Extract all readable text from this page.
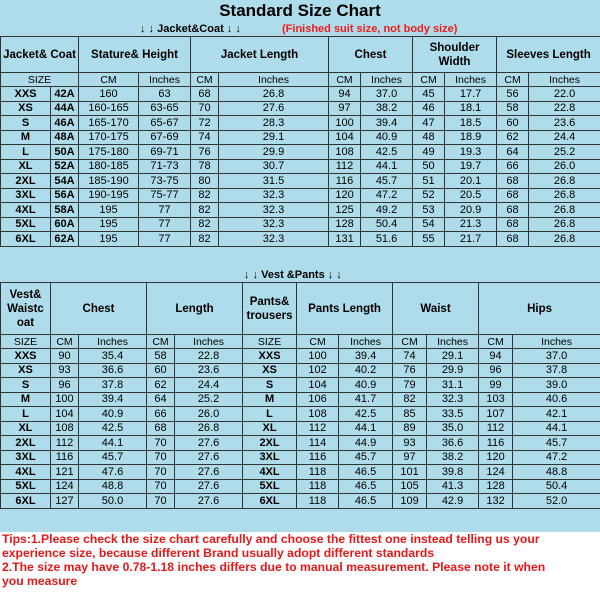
Standard Size Chart
↓ ↓ Jacket&Coat ↓ ↓	(Finished suit size, not body size)
Jacket& Coat		Stature& Height		Jacket Length		Chest		Shoulder Width		Sleeves Length	
SIZE		CM	Inches	CM	Inches	CM	Inches	CM	Inches	CM	Inches
XXS	42A	160	63	68	26.8	94	37.0	45	17.7	56	22.0
XS	44A	160-165	63-65	70	27.6	97	38.2	46	18.1	58	22.8
S	46A	165-170	65-67	72	28.3	100	39.4	47	18.5	60	23.6
M	48A	170-175	67-69	74	29.1	104	40.9	48	18.9	62	24.4
L	50A	175-180	69-71	76	29.9	108	42.5	49	19.3	64	25.2
XL	52A	180-185	71-73	78	30.7	112	44.1	50	19.7	66	26.0
2XL	54A	185-190	73-75	80	31.5	116	45.7	51	20.1	68	26.8
3XL	56A	190-195	75-77	82	32.3	120	47.2	52	20.5	68	26.8
4XL	58A	195	77	82	32.3	125	49.2	53	20.9	68	26.8
5XL	60A	195	77	82	32.3	128	50.4	54	21.3	68	26.8
6XL	62A	195	77	82	32.3	131	51.6	55	21.7	68	26.8
↓ ↓ Vest &Pants ↓ ↓
Vest& Waistc oat	Chest		Length		Pants& trousers	Pants Length		Waist		Hips	
SIZE	CM	Inches	CM	Inches	SIZE	CM	Inches	CM	Inches	CM	Inches
XXS	90	35.4	58	22.8	XXS	100	39.4	74	29.1	94	37.0
XS	93	36.6	60	23.6	XS	102	40.2	76	29.9	96	37.8
S	96	37.8	62	24.4	S	104	40.9	79	31.1	99	39.0
M	100	39.4	64	25.2	M	106	41.7	82	32.3	103	40.6
L	104	40.9	66	26.0	L	108	42.5	85	33.5	107	42.1
XL	108	42.5	68	26.8	XL	112	44.1	89	35.0	112	44.1
2XL	112	44.1	70	27.6	2XL	114	44.9	93	36.6	116	45.7
3XL	116	45.7	70	27.6	3XL	116	45.7	97	38.2	120	47.2
4XL	121	47.6	70	27.6	4XL	118	46.5	101	39.8	124	48.8
5XL	124	48.8	70	27.6	5XL	118	46.5	105	41.3	128	50.4
6XL	127	50.0	70	27.6	6XL	118	46.5	109	42.9	132	52.0
Tips:1.Please check the size chart carefully and choose the fittest one instead telling us your
experience size, because different Brand usually adopt different standards
2.The size may have 0.78-1.18 inches differs due to manual measurement. Please note it when
you measure
